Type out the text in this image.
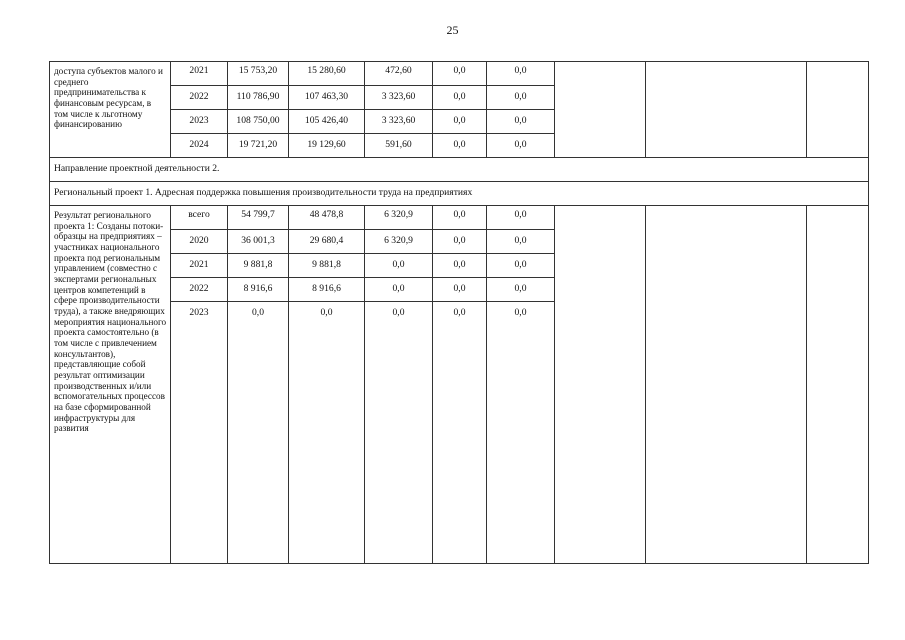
25
доступа субъектов малого и среднего предпринимательства к финансовым ресурсам, в том числе к льготному финансированию	2021	15 753,20	15 280,60	472,60	0,0	0,0			
	2022	110 786,90	107 463,30	3 323,60	0,0	0,0			
	2023	108 750,00	105 426,40	3 323,60	0,0	0,0			
	2024	19 721,20	19 129,60	591,60	0,0	0,0			
Направление проектной деятельности 2.									
Региональный проект 1. Адресная поддержка повышения производительности труда на предприятиях									
Результат регионального проекта 1: Созданы потоки-образцы на предприятиях – участниках национального проекта под региональным управлением (совместно с экспертами региональных центров компетенций в сфере производительности труда), а также внедряющих мероприятия национального проекта самостоятельно (в том числе с привлечением консультантов), представляющие собой результат оптимизации производственных и/или вспомогательных процессов на базе сформированной инфраструктуры для развития	всего	54 799,7	48 478,8	6 320,9	0,0	0,0			
	2020	36 001,3	29 680,4	6 320,9	0,0	0,0			
	2021	9 881,8	9 881,8	0,0	0,0	0,0			
	2022	8 916,6	8 916,6	0,0	0,0	0,0			
	2023	0,0	0,0	0,0	0,0	0,0			
